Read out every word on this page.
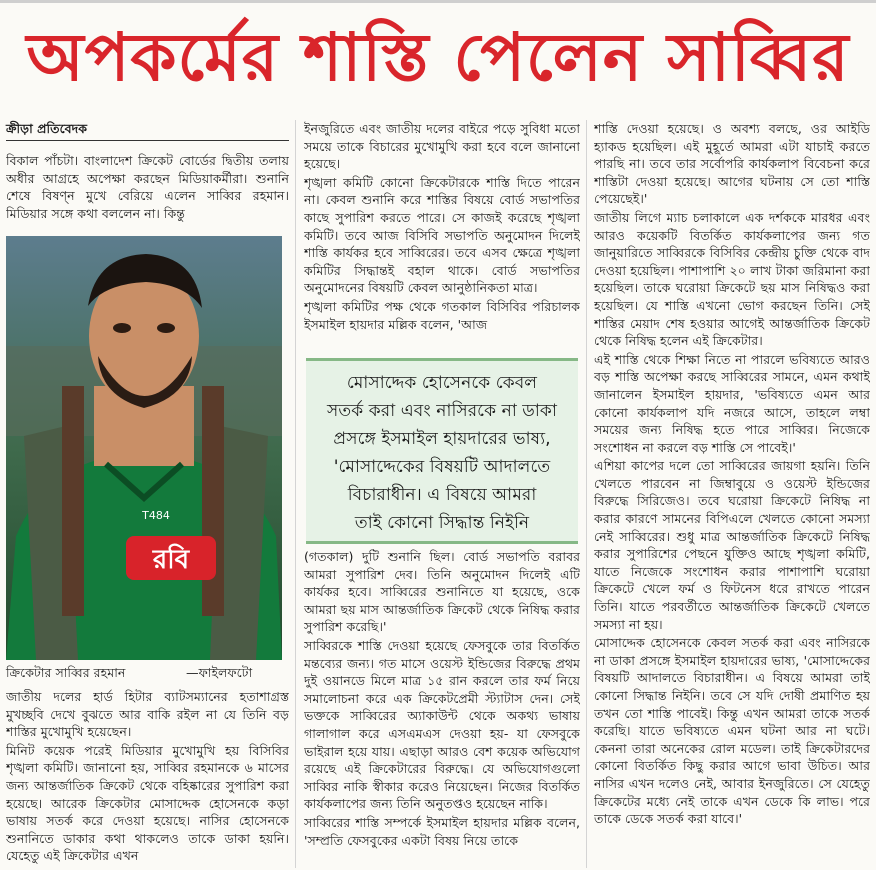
অপকর্মের শাস্তি পেলেন সাব্বির
ক্রীড়া প্রতিবেদক

বিকাল পাঁচটা। বাংলাদেশ ক্রিকেট বোর্ডের দ্বিতীয় তলায় অধীর আগ্রহে অপেক্ষা করছেন মিডিয়াকর্মীরা। শুনানি শেষে বিষণ্ন মুখে বেরিয়ে এলেন সাব্বির রহমান। মিডিয়ার সঙ্গে কথা বললেন না। কিন্তু

রবি
T484
ক্রিকেটার সাব্বির রহমান	—ফাইলফটো

জাতীয় দলের হার্ড হিটার ব্যাটসম্যানের হতাশাগ্রস্ত মুখচ্ছবি দেখে বুঝতে আর বাকি রইল না যে তিনি বড় শাস্তির মুখোমুখি হয়েছেন।

মিনিট কয়েক পরেই মিডিয়ার মুখোমুখি হয় বিসিবির শৃঙ্খলা কমিটি। জানানো হয়, সাব্বির রহমানকে ৬ মাসের জন্য আন্তর্জাতিক ক্রিকেট থেকে বহিষ্কারের সুপারিশ করা হয়েছে। আরেক ক্রিকেটার মোসাদ্দেক হোসেনকে কড়া ভাষায় সতর্ক করে দেওয়া হয়েছে। নাসির হোসেনকে শুনানিতে ডাকার কথা থাকলেও তাকে ডাকা হয়নি। যেহেতু এই ক্রিকেটার এখন

ইনজুরিতে এবং জাতীয় দলের বাইরে পড়ে সুবিধা মতো সময়ে তাকে বিচারের মুখোমুখি করা হবে বলে জানানো হয়েছে।

শৃঙ্খলা কমিটি কোনো ক্রিকেটারকে শাস্তি দিতে পারেন না। কেবল শুনানি করে শাস্তির বিষয়ে বোর্ড সভাপতির কাছে সুপারিশ করতে পারে। সে কাজই করেছে শৃঙ্খলা কমিটি। তবে আজ বিসিবি সভাপতি অনুমোদন দিলেই শাস্তি কার্যকর হবে সাব্বিরের। তবে এসব ক্ষেত্রে শৃঙ্খলা কমিটির সিদ্ধান্তই বহাল থাকে। বোর্ড সভাপতির অনুমোদনের বিষয়টি কেবল আনুষ্ঠানিকতা মাত্র।

শৃঙ্খলা কমিটির পক্ষ থেকে গতকাল বিসিবির পরিচালক ইসমাইল হায়দার মল্লিক বলেন, 'আজ

মোসাদ্দেক হোসেনকে কেবল
সতর্ক করা এবং নাসিরকে না ডাকা
প্রসঙ্গে ইসমাইল হায়দারের ভাষ্য,
'মোসাদ্দেকের বিষয়টি আদালতে
বিচারাধীন। এ বিষয়ে আমরা
তাই কোনো সিদ্ধান্ত নিইনি

(গতকাল) দুটি শুনানি ছিল। বোর্ড সভাপতি বরাবর আমরা সুপারিশ দেব। তিনি অনুমোদন দিলেই এটি কার্যকর হবে। সাব্বিরের শুনানিতে যা হয়েছে, ওকে আমরা ছয় মাস আন্তর্জাতিক ক্রিকেট থেকে নিষিদ্ধ করার সুপারিশ করেছি।'

সাব্বিরকে শাস্তি দেওয়া হয়েছে ফেসবুকে তার বিতর্কিত মন্তব্যের জন্য। গত মাসে ওয়েস্ট ইন্ডিজের বিরুদ্ধে প্রথম দুই ওয়ানডে মিলে মাত্র ১৫ রান করলে তার ফর্ম নিয়ে সমালোচনা করে এক ক্রিকেটপ্রেমী স্ট্যাটাস দেন। সেই ভক্তকে সাব্বিরের অ্যাকাউন্ট থেকে অকথ্য ভাষায় গালাগাল করে এসএমএস দেওয়া হয়- যা ফেসবুকে ভাইরাল হয়ে যায়। এছাড়া আরও বেশ কয়েক অভিযোগ রয়েছে এই ক্রিকেটারের বিরুদ্ধে। যে অভিযোগগুলো সাব্বির নাকি স্বীকার করেও নিয়েছেন। নিজের বিতর্কিত কার্যকলাপের জন্য তিনি অনুতপ্তও হয়েছেন নাকি।

সাব্বিরের শাস্তি সম্পর্কে ইসমাইল হায়দার মল্লিক বলেন, 'সম্প্রতি ফেসবুকের একটা বিষয় নিয়ে তাকে

শাস্তি দেওয়া হয়েছে। ও অবশ্য বলছে, ওর আইডি হ্যাকড হয়েছিল। এই মুহূর্তে আমরা এটা যাচাই করতে পারছি না। তবে তার সর্বোপরি কার্যকলাপ বিবেচনা করে শাস্তিটা দেওয়া হয়েছে। আগের ঘটনায় সে তো শাস্তি পেয়েছেই।'

জাতীয় লিগে ম্যাচ চলাকালে এক দর্শককে মারধর এবং আরও কয়েকটি বিতর্কিত কার্যকলাপের জন্য গত জানুয়ারিতে সাব্বিরকে বিসিবির কেন্দ্রীয় চুক্তি থেকে বাদ দেওয়া হয়েছিল। পাশাপাশি ২০ লাখ টাকা জরিমানা করা হয়েছিল। তাকে ঘরোয়া ক্রিকেটে ছয় মাস নিষিদ্ধও করা হয়েছিল। যে শাস্তি এখনো ভোগ করছেন তিনি। সেই শাস্তির মেয়াদ শেষ হওয়ার আগেই আন্তর্জাতিক ক্রিকেট থেকে নিষিদ্ধ হলেন এই ক্রিকেটার।

এই শাস্তি থেকে শিক্ষা নিতে না পারলে ভবিষ্যতে আরও বড় শাস্তি অপেক্ষা করছে সাব্বিরের সামনে, এমন কথাই জানালেন ইসমাইল হায়দার, 'ভবিষ্যতে এমন আর কোনো কার্যকলাপ যদি নজরে আসে, তাহলে লম্বা সময়ের জন্য নিষিদ্ধ হতে পারে সাব্বির। নিজেকে সংশোধন না করলে বড় শাস্তি সে পাবেই।'

এশিয়া কাপের দলে তো সাব্বিরের জায়গা হয়নি। তিনি খেলতে পারবেন না জিম্বাবুয়ে ও ওয়েস্ট ইন্ডিজের বিরুদ্ধে সিরিজেও। তবে ঘরোয়া ক্রিকেটে নিষিদ্ধ না করার কারণে সামনের বিপিএলে খেলতে কোনো সমস্যা নেই সাব্বিরের। শুধু মাত্র আন্তর্জাতিক ক্রিকেটে নিষিদ্ধ করার সুপারিশের পেছনে যুক্তিও আছে শৃঙ্খলা কমিটি, যাতে নিজেকে সংশোধন করার পাশাপাশি ঘরোয়া ক্রিকেটে খেলে ফর্ম ও ফিটনেস ধরে রাখতে পারেন তিনি। যাতে পরবর্তীতে আন্তর্জাতিক ক্রিকেটে খেলতে সমস্যা না হয়।

মোসাদ্দেক হোসেনকে কেবল সতর্ক করা এবং নাসিরকে না ডাকা প্রসঙ্গে ইসমাইল হায়দারের ভাষ্য, 'মোসাদ্দেকের বিষয়টি আদালতে বিচারাধীন। এ বিষয়ে আমরা তাই কোনো সিদ্ধান্ত নিইনি। তবে সে যদি দোষী প্রমাণিত হয় তখন তো শাস্তি পাবেই। কিন্তু এখন আমরা তাকে সতর্ক করেছি। যাতে ভবিষ্যতে এমন ঘটনা আর না ঘটে। কেননা তারা অনেকের রোল মডেল। তাই ক্রিকেটারদের কোনো বিতর্কিত কিছু করার আগে ভাবা উচিত। আর নাসির এখন দলেও নেই, আবার ইনজুরিতে। সে যেহেতু ক্রিকেটের মধ্যে নেই তাকে এখন ডেকে কি লাভ। পরে তাকে ডেকে সতর্ক করা যাবে।'
